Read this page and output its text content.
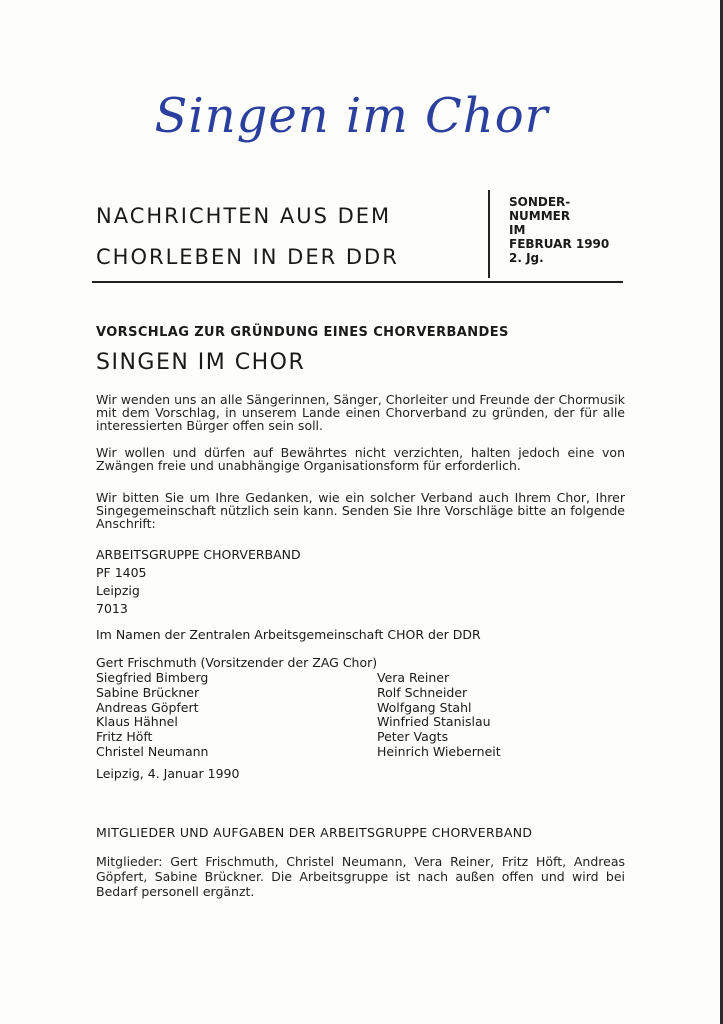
Singen im Chor
NACHRICHTEN AUS DEM
CHORLEBEN IN DER DDR
SONDER-
NUMMER
IM
FEBRUAR 1990
2. Jg.
VORSCHLAG ZUR GRÜNDUNG EINES CHORVERBANDES
SINGEN IM CHOR
Wir wenden uns an alle Sängerinnen, Sänger, Chorleiter und Freunde der Chormusik mit dem Vorschlag, in unserem Lande einen Chorverband zu gründen, der für alle interessierten Bürger offen sein soll.
Wir wollen und dürfen auf Bewährtes nicht verzichten, halten jedoch eine von Zwängen freie und unabhängige Organisationsform für erforderlich.
Wir bitten Sie um Ihre Gedanken, wie ein solcher Verband auch Ihrem Chor, Ihrer Singegemeinschaft nützlich sein kann. Senden Sie Ihre Vorschläge bitte an folgende Anschrift:
ARBEITSGRUPPE CHORVERBAND
PF 1405
Leipzig
7013
Im Namen der Zentralen Arbeitsgemeinschaft CHOR der DDR
Gert Frischmuth (Vorsitzender der ZAG Chor)
Siegfried Bimberg
Sabine Brückner
Andreas Göpfert
Klaus Hähnel
Fritz Höft
Christel Neumann
Vera Reiner
Rolf Schneider
Wolfgang Stahl
Winfried Stanislau
Peter Vagts
Heinrich Wieberneit
Leipzig, 4. Januar 1990
MITGLIEDER UND AUFGABEN DER ARBEITSGRUPPE CHORVERBAND
Mitglieder: Gert Frischmuth, Christel Neumann, Vera Reiner, Fritz Höft, Andreas Göpfert, Sabine Brückner. Die Arbeitsgruppe ist nach außen offen und wird bei Bedarf personell ergänzt.
